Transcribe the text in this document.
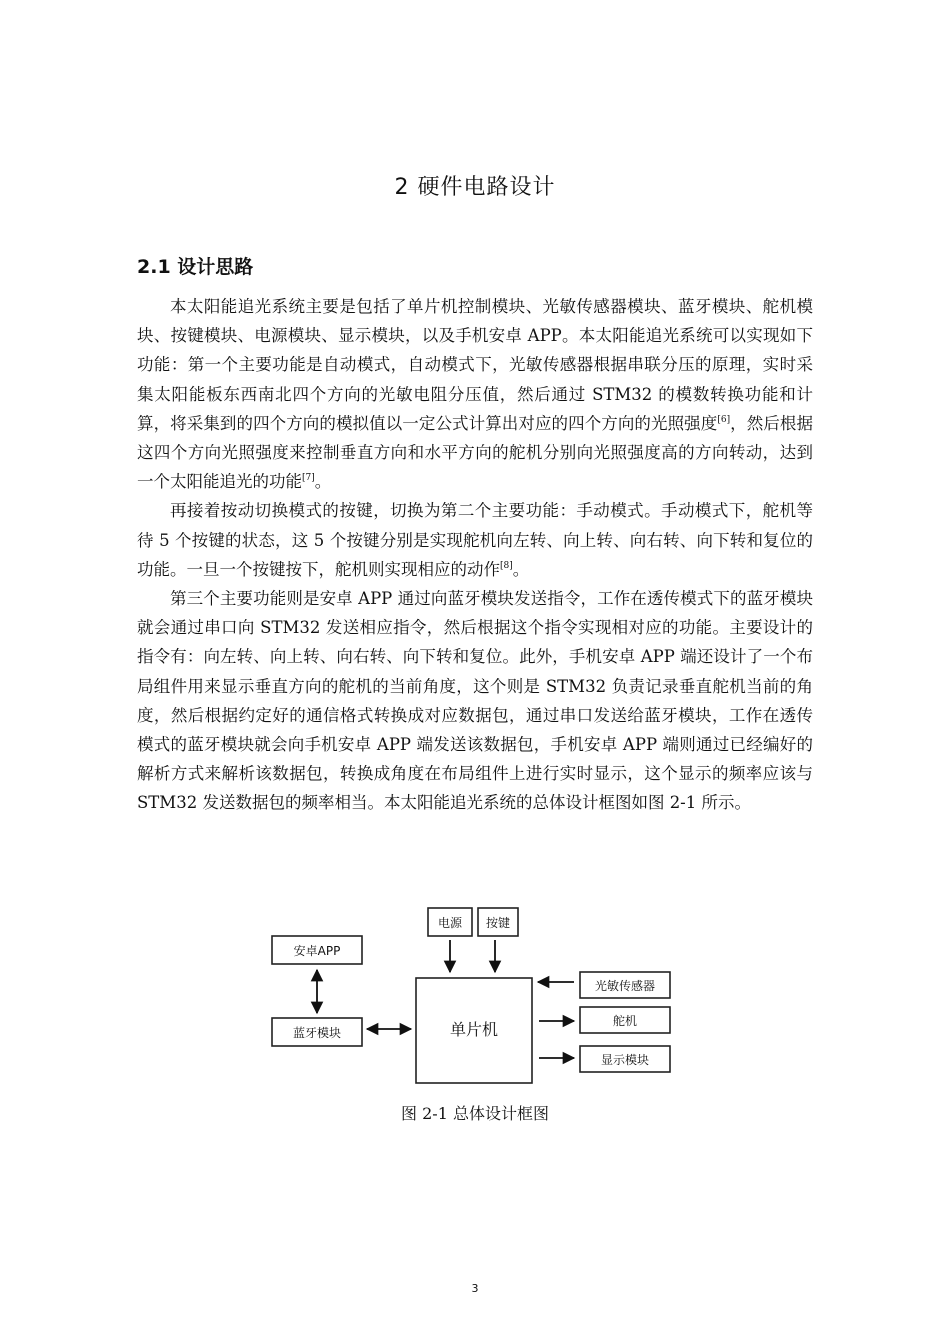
2 硬件电路设计
2.1 设计思路

本太阳能追光系统主要是包括了单片机控制模块、光敏传感器模块、蓝牙模块、舵机模块、按键模块、电源模块、显示模块，以及手机安卓 APP。本太阳能追光系统可以实现如下功能：第一个主要功能是自动模式，自动模式下，光敏传感器根据串联分压的原理，实时采集太阳能板东西南北四个方向的光敏电阻分压值，然后通过 STM32 的模数转换功能和计算，将采集到的四个方向的模拟值以一定公式计算出对应的四个方向的光照强度[6]，然后根据这四个方向光照强度来控制垂直方向和水平方向的舵机分别向光照强度高的方向转动，达到一个太阳能追光的功能[7]。

再接着按动切换模式的按键，切换为第二个主要功能：手动模式。手动模式下，舵机等待 5 个按键的状态，这 5 个按键分别是实现舵机向左转、向上转、向右转、向下转和复位的功能。一旦一个按键按下，舵机则实现相应的动作[8]。

第三个主要功能则是安卓 APP 通过向蓝牙模块发送指令，工作在透传模式下的蓝牙模块就会通过串口向 STM32 发送相应指令，然后根据这个指令实现相对应的功能。主要设计的指令有：向左转、向上转、向右转、向下转和复位。此外，手机安卓 APP 端还设计了一个布局组件用来显示垂直方向的舵机的当前角度，这个则是 STM32 负责记录垂直舵机当前的角度，然后根据约定好的通信格式转换成对应数据包，通过串口发送给蓝牙模块，工作在透传模式的蓝牙模块就会向手机安卓 APP 端发送该数据包，手机安卓 APP 端则通过已经编好的解析方式来解析该数据包，转换成角度在布局组件上进行实时显示，这个显示的频率应该与 STM32 发送数据包的频率相当。本太阳能追光系统的总体设计框图如图 2-1 所示。

电源 按键
安卓APP
单片机
蓝牙模块
光敏传感器
舵机
显示模块
图 2-1 总体设计框图
3
